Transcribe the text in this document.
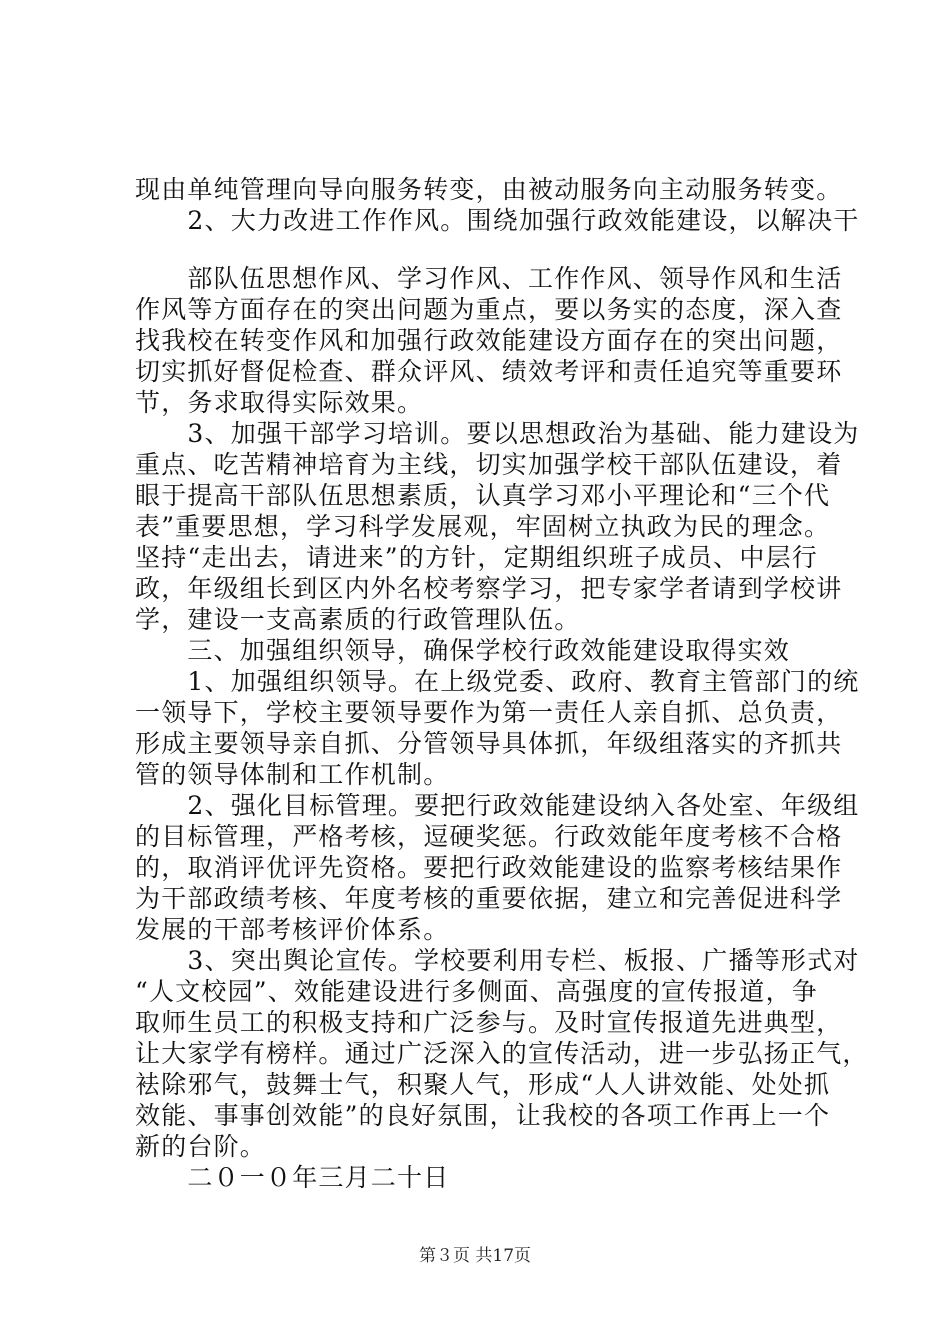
现由单纯管理向导向服务转变，由被动服务向主动服务转变。
　　2、大力改进工作作风。围绕加强行政效能建设，以解决干
　　部队伍思想作风、学习作风、工作作风、领导作风和生活
作风等方面存在的突出问题为重点，要以务实的态度，深入查
找我校在转变作风和加强行政效能建设方面存在的突出问题，
切实抓好督促检查、群众评风、绩效考评和责任追究等重要环
节，务求取得实际效果。
　　3、加强干部学习培训。要以思想政治为基础、能力建设为
重点、吃苦精神培育为主线，切实加强学校干部队伍建设，着
眼于提高干部队伍思想素质，认真学习邓小平理论和“三个代
表”重要思想，学习科学发展观，牢固树立执政为民的理念。
坚持“走出去，请进来”的方针，定期组织班子成员、中层行
政，年级组长到区内外名校考察学习，把专家学者请到学校讲
学，建设一支高素质的行政管理队伍。
　　三、加强组织领导，确保学校行政效能建设取得实效
　　1、加强组织领导。在上级党委、政府、教育主管部门的统
一领导下，学校主要领导要作为第一责任人亲自抓、总负责，
形成主要领导亲自抓、分管领导具体抓，年级组落实的齐抓共
管的领导体制和工作机制。
　　2、强化目标管理。要把行政效能建设纳入各处室、年级组
的目标管理，严格考核，逗硬奖惩。行政效能年度考核不合格
的，取消评优评先资格。要把行政效能建设的监察考核结果作
为干部政绩考核、年度考核的重要依据，建立和完善促进科学
发展的干部考核评价体系。
　　3、突出舆论宣传。学校要利用专栏、板报、广播等形式对
“人文校园”、效能建设进行多侧面、高强度的宣传报道，争
取师生员工的积极支持和广泛参与。及时宣传报道先进典型，
让大家学有榜样。通过广泛深入的宣传活动，进一步弘扬正气，
袪除邪气，鼓舞士气，积聚人气，形成“人人讲效能、处处抓
效能、事事创效能”的良好氛围，让我校的各项工作再上一个
新的台阶。
　　二０一０年三月二十日
第３页 共17页
